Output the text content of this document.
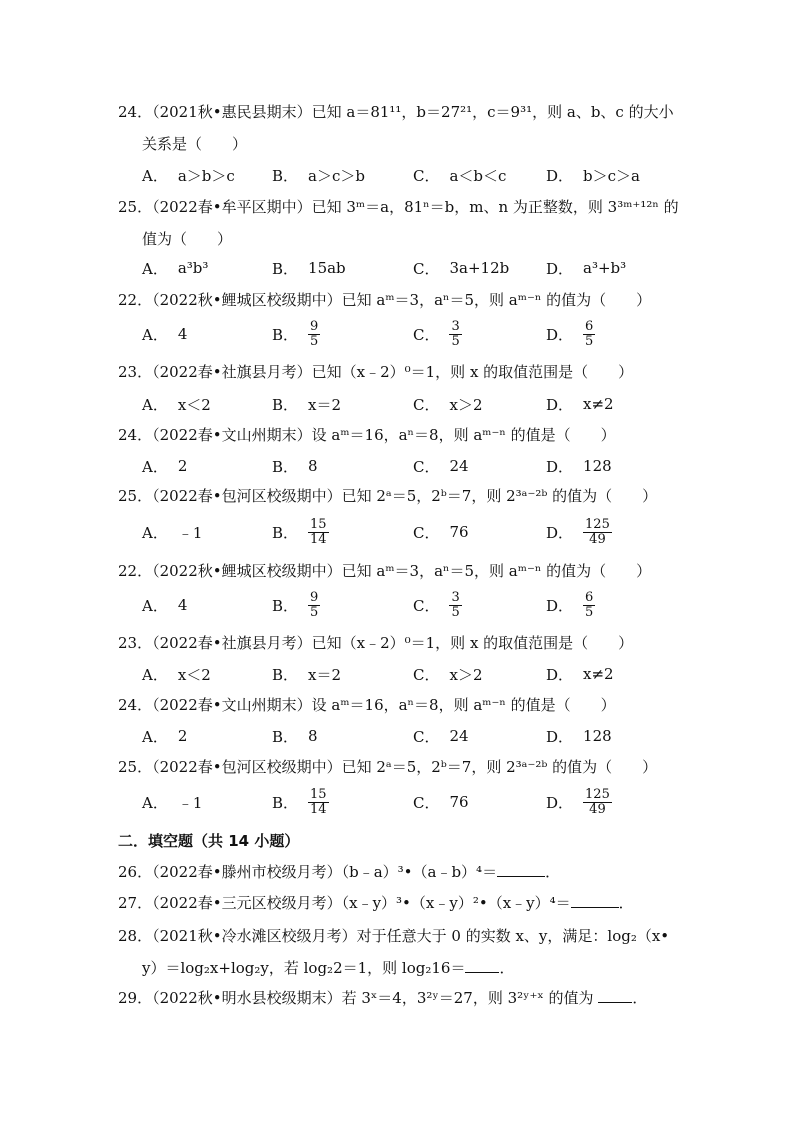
24．（2021秋•惠民县期末）已知 a＝81¹¹，b＝27²¹，c＝9³¹，则 a、b、c 的大小
关系是（　　）
A． a＞b＞c B． a＞c＞b	C． a＜b＜c	D． b＞c＞a
25．（2022春•牟平区期中）已知 3ᵐ＝a，81ⁿ＝b，m、n 为正整数，则 3³ᵐ⁺¹²ⁿ 的
值为（　　）
A． a³b³	B． 15ab	C． 3a+12b D． a³+b³
22．（2022秋•鲤城区校级期中）已知 aᵐ＝3，aⁿ＝5，则 aᵐ⁻ⁿ 的值为（　　）
A． 4	B． $\frac{9}{5}$	C． $\frac{3}{5}$	D． $\frac{6}{5}$
23．（2022春•社旗县月考）已知（x﹣2）⁰＝1，则 x 的取值范围是（　　）
A． x＜2	B． x＝2	C． x＞2	D． x≠2
24．（2022春•文山州期末）设 aᵐ＝16，aⁿ＝8，则 aᵐ⁻ⁿ 的值是（　　）
A． 2	B． 8	C． 24	D． 128
25．（2022春•包河区校级期中）已知 2ᵃ＝5，2ᵇ＝7，则 2³ᵃ⁻²ᵇ 的值为（　　）
A． ﹣1	B． $\frac{15}{14}$	C． 76	D． $\frac{125}{49}$
22．（2022秋•鲤城区校级期中）已知 aᵐ＝3，aⁿ＝5，则 aᵐ⁻ⁿ 的值为（　　）
A． 4	B． $\frac{9}{5}$	C． $\frac{3}{5}$	D． $\frac{6}{5}$
23．（2022春•社旗县月考）已知（x﹣2）⁰＝1，则 x 的取值范围是（　　）
A． x＜2	B． x＝2	C． x＞2	D． x≠2
24．（2022春•文山州期末）设 aᵐ＝16，aⁿ＝8，则 aᵐ⁻ⁿ 的值是（　　）
A． 2	B． 8	C． 24	D． 128
25．（2022春•包河区校级期中）已知 2ᵃ＝5，2ᵇ＝7，则 2³ᵃ⁻²ᵇ 的值为（　　）
A． ﹣1	B． $\frac{15}{14}$	C． 76	D． $\frac{125}{49}$
二．填空题（共 14 小题）
26．（2022春•滕州市校级月考）（b﹣a）³•（a﹣b）⁴＝	．
27．（2022春•三元区校级月考）（x﹣y）³•（x﹣y）²•（x﹣y）⁴＝	．
28．（2021秋•冷水滩区校级月考）对于任意大于 0 的实数 x、y，满足：log₂（x•
y）＝log₂x+log₂y，若 log₂2＝1，则 log₂16＝ ．
29．（2022秋•明水县校级期末）若 3ˣ＝4，3²ʸ＝27，则 3²ʸ⁺ˣ 的值为 ．
